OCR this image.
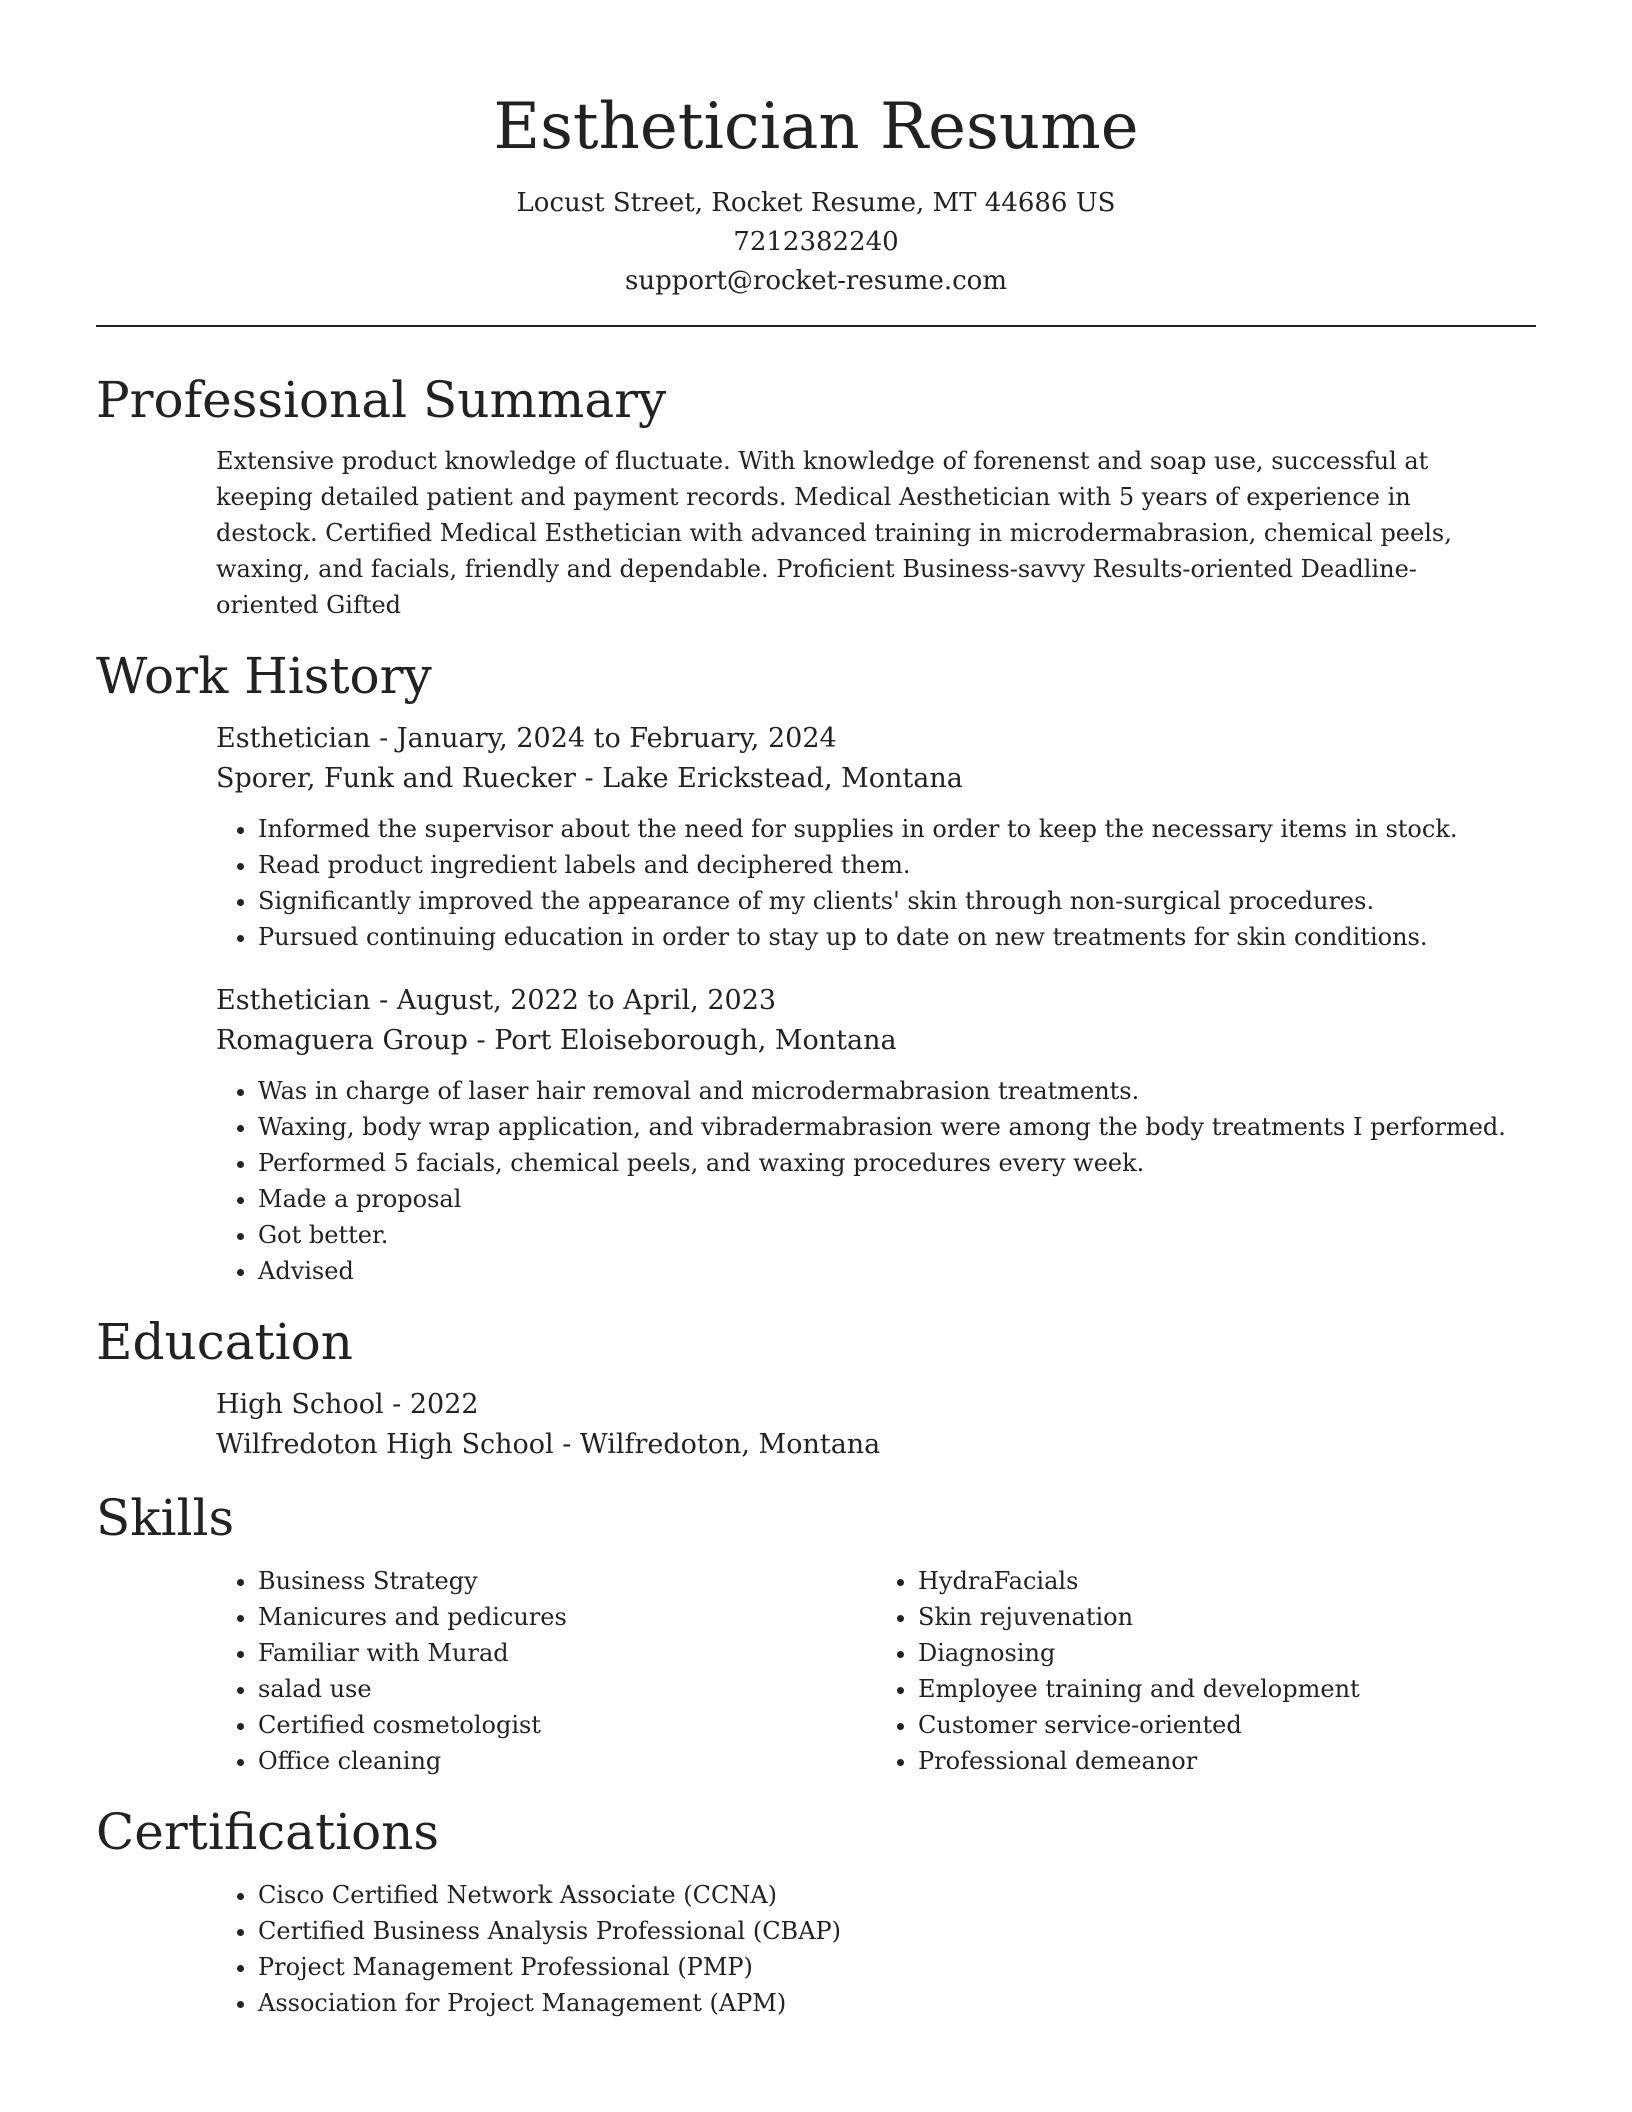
Esthetician Resume
Locust Street, Rocket Resume, MT 44686 US
7212382240
support@rocket-resume.com
Professional Summary

Extensive product knowledge of fluctuate. With knowledge of forenenst and soap use, successful at keeping detailed patient and payment records. Medical Aesthetician with 5 years of experience in destock. Certified Medical Esthetician with advanced training in microdermabrasion, chemical peels, waxing, and facials, friendly and dependable. Proficient Business-savvy Results-oriented Deadline-oriented Gifted

Work History
Esthetician - January, 2024 to February, 2024
Sporer, Funk and Ruecker - Lake Erickstead, Montana
• Informed the supervisor about the need for supplies in order to keep the necessary items in stock.
• Read product ingredient labels and deciphered them.
• Significantly improved the appearance of my clients' skin through non-surgical procedures.
• Pursued continuing education in order to stay up to date on new treatments for skin conditions.
Esthetician - August, 2022 to April, 2023
Romaguera Group - Port Eloiseborough, Montana
• Was in charge of laser hair removal and microdermabrasion treatments.
• Waxing, body wrap application, and vibradermabrasion were among the body treatments I performed.
• Performed 5 facials, chemical peels, and waxing procedures every week.
• Made a proposal
• Got better.
• Advised
Education
High School - 2022
Wilfredoton High School - Wilfredoton, Montana
Skills
• Business Strategy
• Manicures and pedicures
• Familiar with Murad
• salad use
• Certified cosmetologist
• Office cleaning
• HydraFacials
• Skin rejuvenation
• Diagnosing
• Employee training and development
• Customer service-oriented
• Professional demeanor
Certifications
• Cisco Certified Network Associate (CCNA)
• Certified Business Analysis Professional (CBAP)
• Project Management Professional (PMP)
• Association for Project Management (APM)
